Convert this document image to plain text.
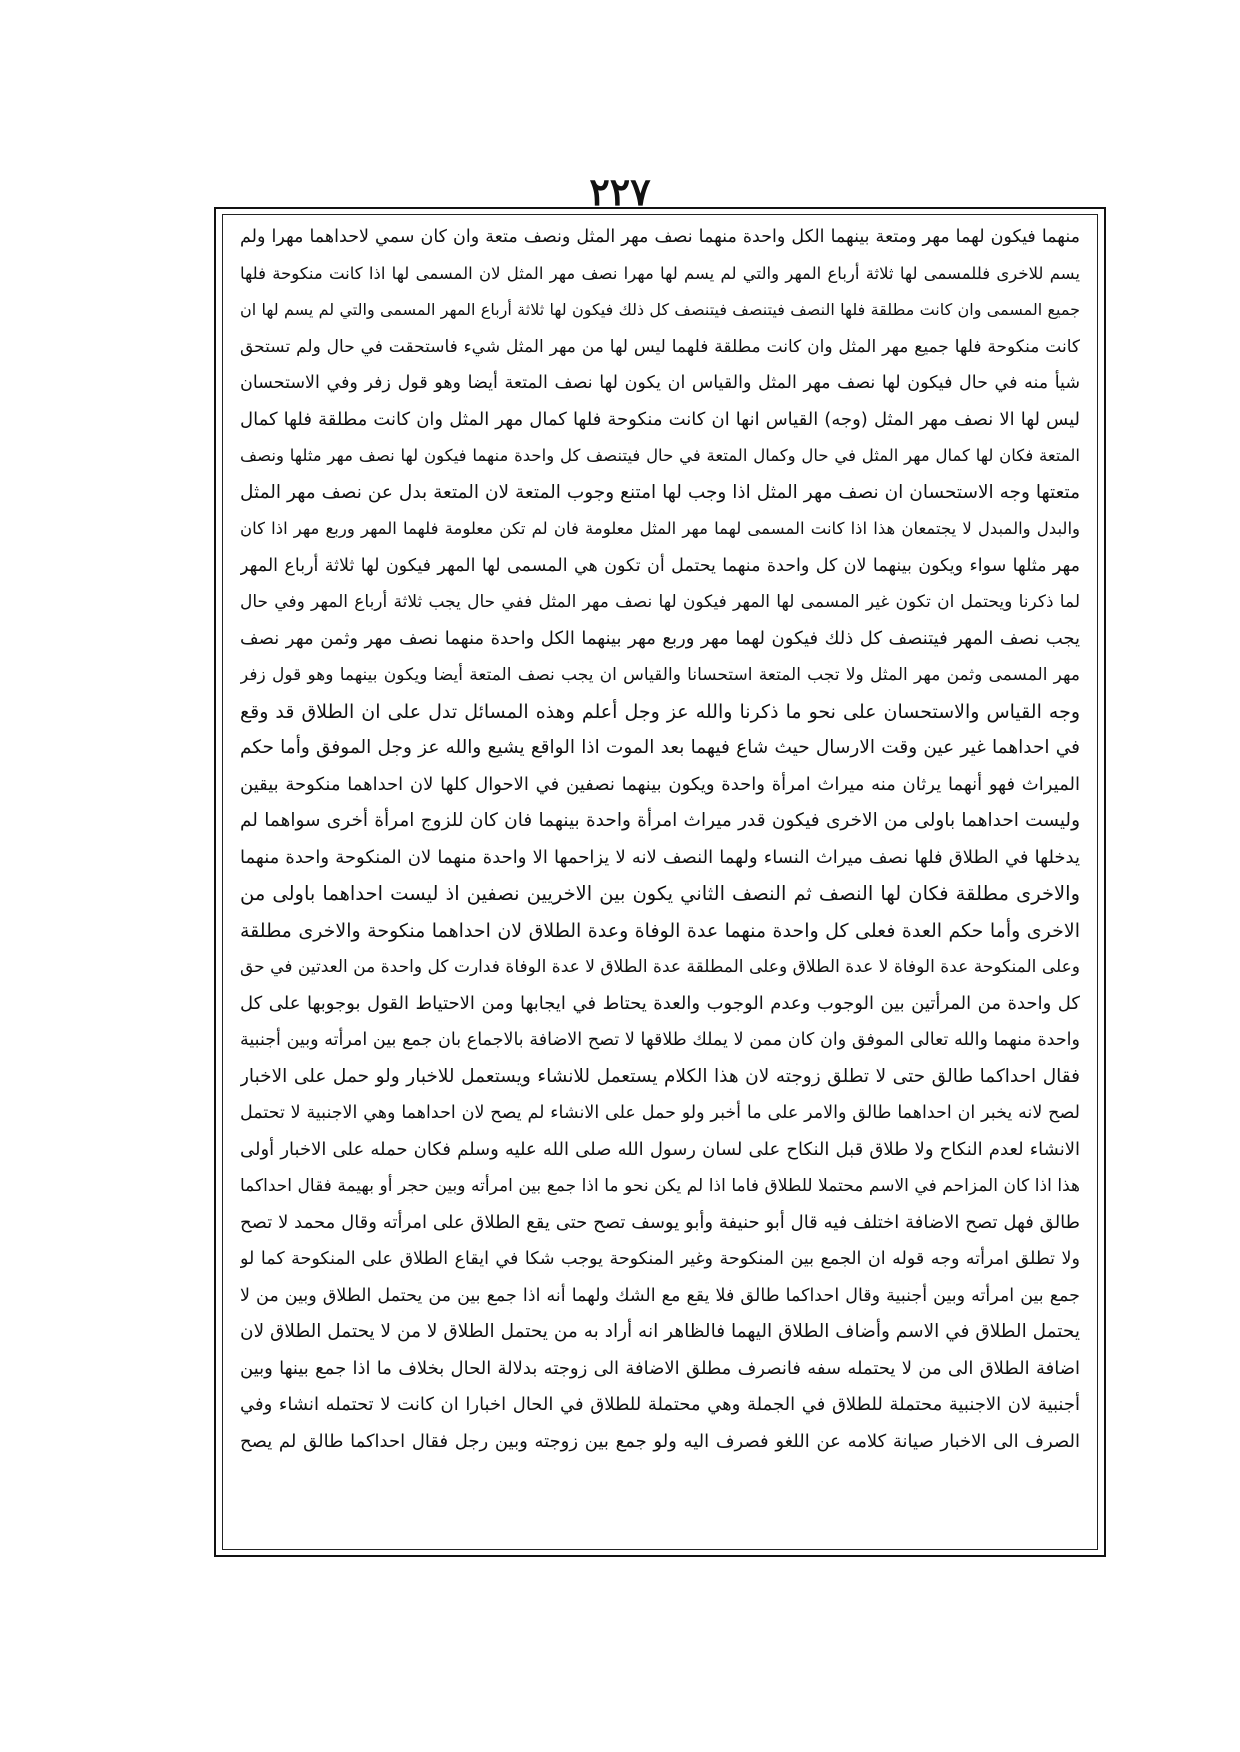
٢٢٧
منهما فيكون لهما مهر ومتعة بينهما الكل واحدة منهما نصف مهر المثل ونصف متعة وان كان سمي لاحداهما مهرا ولم
يسم للاخرى فللمسمى لها ثلاثة أرباع المهر والتي لم يسم لها مهرا نصف مهر المثل لان المسمى لها اذا كانت منكوحة فلها
جميع المسمى وان كانت مطلقة فلها النصف فيتنصف فيتنصف كل ذلك فيكون لها ثلاثة أرباع المهر المسمى والتي لم يسم لها ان
كانت منكوحة فلها جميع مهر المثل وان كانت مطلقة فلهما ليس لها من مهر المثل شيء فاستحقت في حال ولم تستحق
شيأ منه في حال فيكون لها نصف مهر المثل والقياس ان يكون لها نصف المتعة أيضا وهو قول زفر وفي الاستحسان
ليس لها الا نصف مهر المثل (وجه) القياس انها ان كانت منكوحة فلها كمال مهر المثل وان كانت مطلقة فلها كمال
المتعة فكان لها كمال مهر المثل في حال وكمال المتعة في حال فيتنصف كل واحدة منهما فيكون لها نصف مهر مثلها ونصف
متعتها وجه الاستحسان ان نصف مهر المثل اذا وجب لها امتنع وجوب المتعة لان المتعة بدل عن نصف مهر المثل
والبدل والمبدل لا يجتمعان هذا اذا كانت المسمى لهما مهر المثل معلومة فان لم تكن معلومة فلهما المهر وربع مهر اذا كان
مهر مثلها سواء ويكون بينهما لان كل واحدة منهما يحتمل أن تكون هي المسمى لها المهر فيكون لها ثلاثة أرباع المهر
لما ذكرنا ويحتمل ان تكون غير المسمى لها المهر فيكون لها نصف مهر المثل ففي حال يجب ثلاثة أرباع المهر وفي حال
يجب نصف المهر فيتنصف كل ذلك فيكون لهما مهر وربع مهر بينهما الكل واحدة منهما نصف مهر وثمن مهر نصف
مهر المسمى وثمن مهر المثل ولا تجب المتعة استحسانا والقياس ان يجب نصف المتعة أيضا ويكون بينهما وهو قول زفر
وجه القياس والاستحسان على نحو ما ذكرنا والله عز وجل أعلم وهذه المسائل تدل على ان الطلاق قد وقع
في احداهما غير عين وقت الارسال حيث شاع فيهما بعد الموت اذا الواقع يشيع والله عز وجل الموفق وأما حكم
الميراث فهو أنهما يرثان منه ميراث امرأة واحدة ويكون بينهما نصفين في الاحوال كلها لان احداهما منكوحة بيقين
وليست احداهما باولى من الاخرى فيكون قدر ميراث امرأة واحدة بينهما فان كان للزوج امرأة أخرى سواهما لم
يدخلها في الطلاق فلها نصف ميراث النساء ولهما النصف لانه لا يزاحمها الا واحدة منهما لان المنكوحة واحدة منهما
والاخرى مطلقة فكان لها النصف ثم النصف الثاني يكون بين الاخريين نصفين اذ ليست احداهما باولى من
الاخرى وأما حكم العدة فعلى كل واحدة منهما عدة الوفاة وعدة الطلاق لان احداهما منكوحة والاخرى مطلقة
وعلى المنكوحة عدة الوفاة لا عدة الطلاق وعلى المطلقة عدة الطلاق لا عدة الوفاة فدارت كل واحدة من العدتين في حق
كل واحدة من المرأتين بين الوجوب وعدم الوجوب والعدة يحتاط في ايجابها ومن الاحتياط القول بوجوبها على كل
واحدة منهما والله تعالى الموفق وان كان ممن لا يملك طلاقها لا تصح الاضافة بالاجماع بان جمع بين امرأته وبين أجنبية
فقال احداكما طالق حتى لا تطلق زوجته لان هذا الكلام يستعمل للانشاء ويستعمل للاخبار ولو حمل على الاخبار
لصح لانه يخبر ان احداهما طالق والامر على ما أخبر ولو حمل على الانشاء لم يصح لان احداهما وهي الاجنبية لا تحتمل
الانشاء لعدم النكاح ولا طلاق قبل النكاح على لسان رسول الله صلى الله عليه وسلم فكان حمله على الاخبار أولى
هذا اذا كان المزاحم في الاسم محتملا للطلاق فاما اذا لم يكن نحو ما اذا جمع بين امرأته وبين حجر أو بهيمة فقال احداكما
طالق فهل تصح الاضافة اختلف فيه قال أبو حنيفة وأبو يوسف تصح حتى يقع الطلاق على امرأته وقال محمد لا تصح
ولا تطلق امرأته وجه قوله ان الجمع بين المنكوحة وغير المنكوحة يوجب شكا في ايقاع الطلاق على المنكوحة كما لو
جمع بين امرأته وبين أجنبية وقال احداكما طالق فلا يقع مع الشك ولهما أنه اذا جمع بين من يحتمل الطلاق وبين من لا
يحتمل الطلاق في الاسم وأضاف الطلاق اليهما فالظاهر انه أراد به من يحتمل الطلاق لا من لا يحتمل الطلاق لان
اضافة الطلاق الى من لا يحتمله سفه فانصرف مطلق الاضافة الى زوجته بدلالة الحال بخلاف ما اذا جمع بينها وبين
أجنبية لان الاجنبية محتملة للطلاق في الجملة وهي محتملة للطلاق في الحال اخبارا ان كانت لا تحتمله انشاء وفي
الصرف الى الاخبار صيانة كلامه عن اللغو فصرف اليه ولو جمع بين زوجته وبين رجل فقال احداكما طالق لم يصح
